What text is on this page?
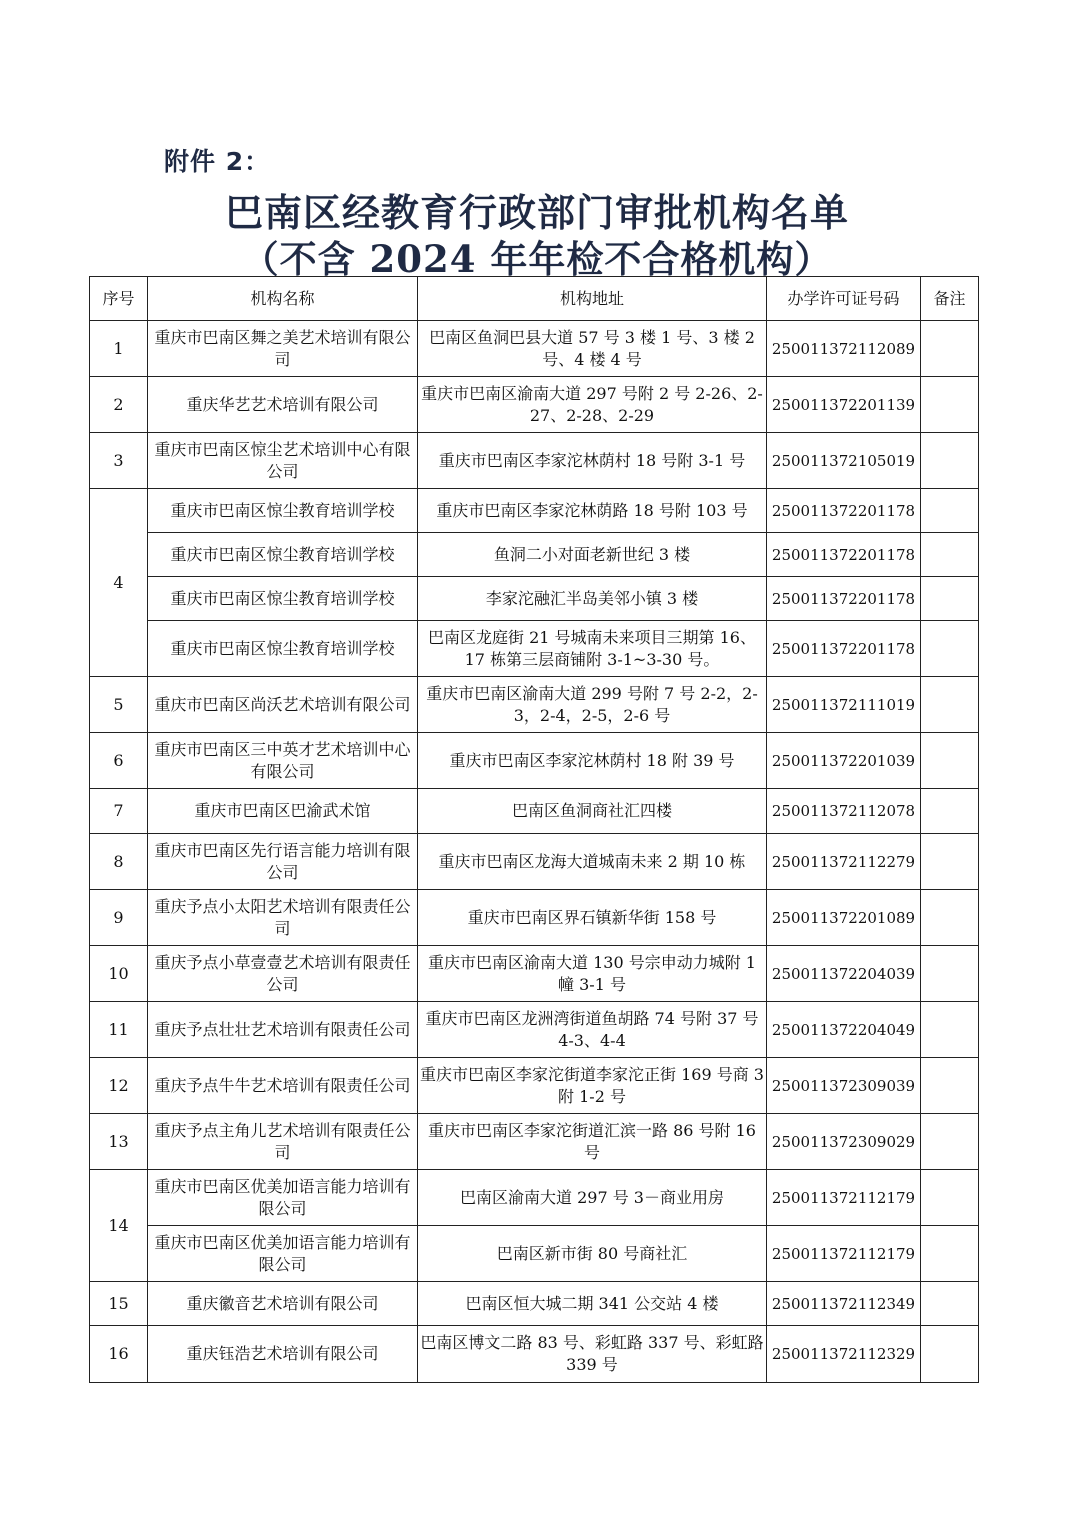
附件 2：
巴南区经教育行政部门审批机构名单
（不含 2024 年年检不合格机构）
序号	机构名称	机构地址	办学许可证号码	备注
1	重庆市巴南区舞之美艺术培训有限公司	巴南区鱼洞巴县大道 57 号 3 楼 1 号、3 楼 2 号、4 楼 4 号	250011372112089	
2	重庆华艺艺术培训有限公司	重庆市巴南区渝南大道 297 号附 2 号 2-26、2-27、2-28、2-29	250011372201139	
3	重庆市巴南区惊尘艺术培训中心有限公司	重庆市巴南区李家沱林荫村 18 号附 3-1 号	250011372105019	
4	重庆市巴南区惊尘教育培训学校	重庆市巴南区李家沱林荫路 18 号附 103 号	250011372201178	
	重庆市巴南区惊尘教育培训学校	鱼洞二小对面老新世纪 3 楼	250011372201178	
	重庆市巴南区惊尘教育培训学校	李家沱融汇半岛美邻小镇 3 楼	250011372201178	
	重庆市巴南区惊尘教育培训学校	巴南区龙庭街 21 号城南未来项目三期第 16、17 栋第三层商铺附 3-1~3-30 号。	250011372201178	
5	重庆市巴南区尚沃艺术培训有限公司	重庆市巴南区渝南大道 299 号附 7 号 2-2，2-3，2-4，2-5，2-6 号	250011372111019	
6	重庆市巴南区三中英才艺术培训中心有限公司	重庆市巴南区李家沱林荫村 18 附 39 号	250011372201039	
7	重庆市巴南区巴渝武术馆	巴南区鱼洞商社汇四楼	250011372112078	
8	重庆市巴南区先行语言能力培训有限公司	重庆市巴南区龙海大道城南未来 2 期 10 栋	250011372112279	
9	重庆予点小太阳艺术培训有限责任公司	重庆市巴南区界石镇新华街 158 号	250011372201089	
10	重庆予点小草壹壹艺术培训有限责任公司	重庆市巴南区渝南大道 130 号宗申动力城附 1 幢 3-1 号	250011372204039	
11	重庆予点壮壮艺术培训有限责任公司	重庆市巴南区龙洲湾街道鱼胡路 74 号附 37 号 4-3、4-4	250011372204049	
12	重庆予点牛牛艺术培训有限责任公司	重庆市巴南区李家沱街道李家沱正街 169 号商 3 附 1-2 号	250011372309039	
13	重庆予点主角儿艺术培训有限责任公司	重庆市巴南区李家沱街道汇滨一路 86 号附 16 号	250011372309029	
14	重庆市巴南区优美加语言能力培训有限公司	巴南区渝南大道 297 号 3－商业用房	250011372112179	
	重庆市巴南区优美加语言能力培训有限公司	巴南区新市街 80 号商社汇	250011372112179	
15	重庆徽音艺术培训有限公司	巴南区恒大城二期 341 公交站 4 楼	250011372112349	
16	重庆钰浩艺术培训有限公司	巴南区博文二路 83 号、彩虹路 337 号、彩虹路 339 号	250011372112329	
